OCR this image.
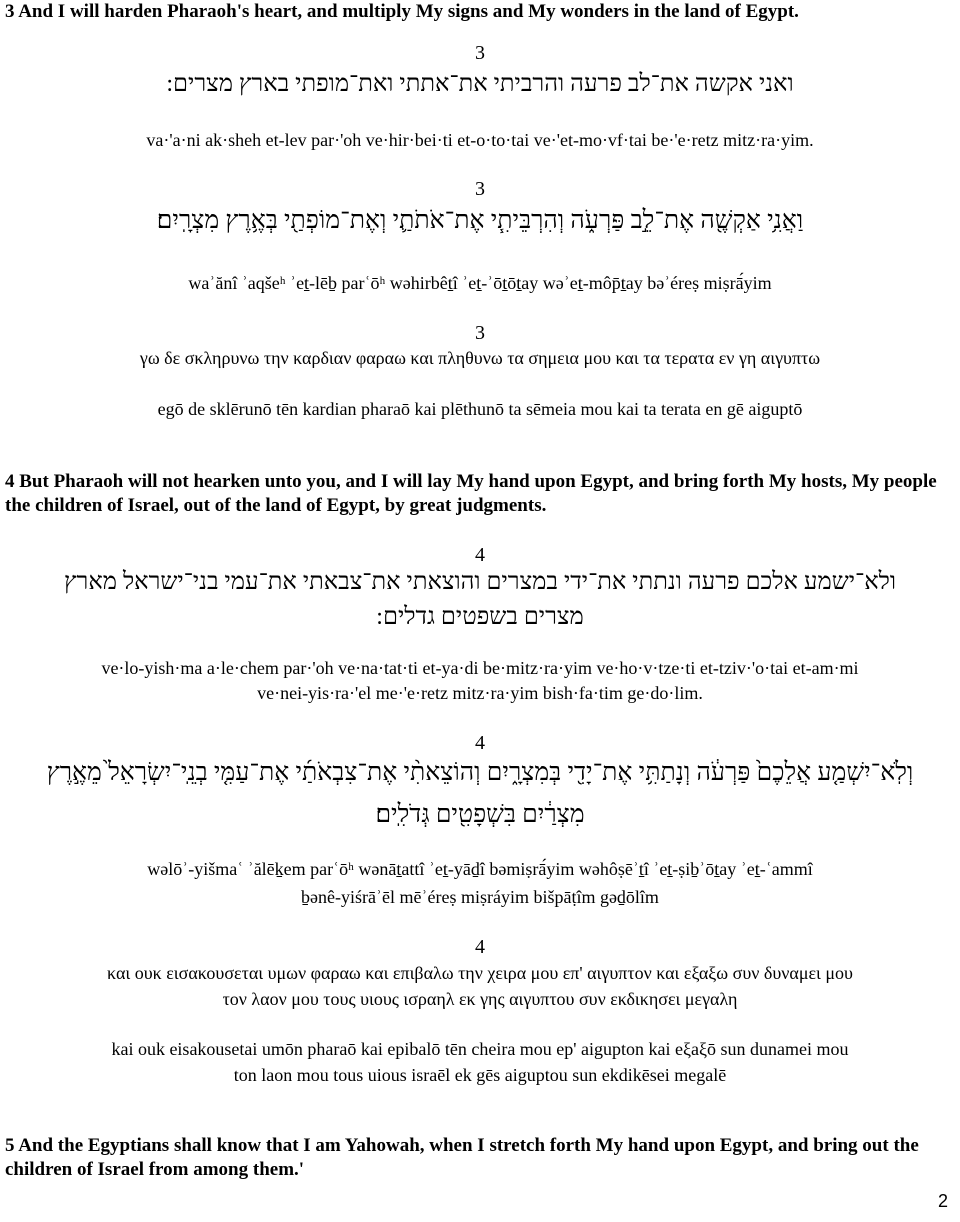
3 And I will harden Pharaoh's heart, and multiply My signs and My wonders in the land of Egypt.
3
ואני אקשה את־לב פרעה והרביתי את־אתתי ואת־מופתי בארץ מצרים:
va·'a·ni ak·sheh et-lev par·'oh ve·hir·bei·ti et-o·to·tai ve·'et-mo·vf·tai be·'e·retz mitz·ra·yim.
3
וַאֲנִ֥י אַקְשֶׁ֖ה אֶת־לֵ֣ב פַּרְעֹ֑ה וְהִרְבֵּיתִ֧י אֶת־אֹתֹתַ֛י וְאֶת־מוֹפְתַ֖י בְּאֶ֥רֶץ מִצְרָֽיִם׃
waʾănî ʾaqšeʰ ʾeṯ-lēḇ parʿōʰ wəhirbêṯî ʾeṯ-ʾōṯōṯay wəʾeṯ-môp̄ṯay bəʾéreṣ miṣrā́yim
3
γω δε σκληρυνω την καρδιαν φαραω και πληθυνω τα σημεια μου και τα τερατα εν γη αιγυπτω
egō de sklērunō tēn kardian pharaō kai plēthunō ta sēmeia mou kai ta terata en gē aiguptō
4 But Pharaoh will not hearken unto you, and I will lay My hand upon Egypt, and bring forth My hosts, My people the children of Israel, out of the land of Egypt, by great judgments.
4
ולא־ישמע אלכם פרעה ונתתי את־ידי במצרים והוצאתי את־צבאתי את־עמי בני־ישראל מארץ
מצרים בשפטים גדלים:
ve·lo-yish·ma a·le·chem par·'oh ve·na·tat·ti et-ya·di be·mitz·ra·yim ve·ho·v·tze·ti et-tziv·'o·tai et-am·mi
ve·nei-yis·ra·'el me·'e·retz mitz·ra·yim bish·fa·tim ge·do·lim.
4
וְלֹֽא־יִשְׁמַ֤ע אֲלֵכֶם֙ פַּרְעֹ֔ה וְנָתַתִּ֥י אֶת־יָדִ֖י בְּמִצְרָ֑יִם וְהוֹצֵאתִ֨י אֶת־צִבְאֹתַ֜י אֶת־עַמִּ֤י בְנֵֽי־יִשְׂרָאֵל֙ מֵאֶ֣רֶץ
מִצְרַ֔יִם בִּשְׁפָטִ֖ים גְּדֹלִֽים׃
wəlōʾ-yišmaʿ ʾălēḵem parʿōʰ wənāṯattî ʾeṯ-yāḏî bəmiṣrā́yim wəhôṣēʾṯî ʾeṯ-ṣiḇʾōṯay ʾeṯ-ʿammî
ḇənê-yiśrāʾēl mēʾéreṣ miṣráyim bišpāṭîm gəḏōlîm
4
και ουκ εισακουσεται υμων φαραω και επιβαλω την χειρα μου επ' αιγυπτον και εξαξω συν δυναμει μου
τον λαον μου τους υιους ισραηλ εκ γης αιγυπτου συν εκδικησει μεγαλη
kai ouk eisakousetai umōn pharaō kai epibalō tēn cheira mou ep' aigupton kai eξaξō sun dunamei mou
ton laon mou tous uious israēl ek gēs aiguptou sun ekdikēsei megalē
5 And the Egyptians shall know that I am Yahowah, when I stretch forth My hand upon Egypt, and bring out the children of Israel from among them.'
2
